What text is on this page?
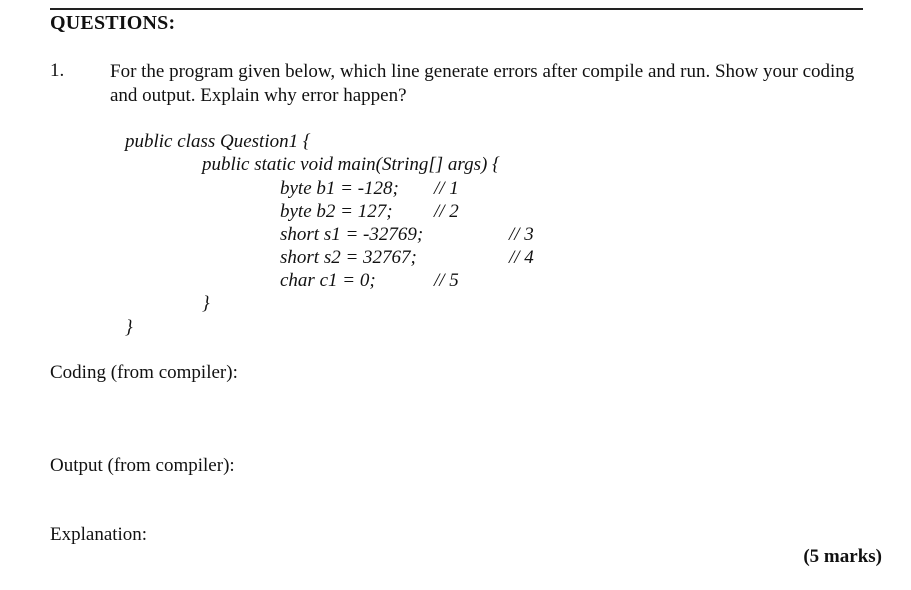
QUESTIONS:
1. For the program given below, which line generate errors after compile and run. Show your coding and output. Explain why error happen?
public class Question1 {
public static void main(String[] args) {
byte b1 = -128; // 1
byte b2 = 127; // 2
short s1 = -32769;	// 3
short s2 = 32767;	// 4
char c1 = 0;	// 5
}
}
Coding (from compiler):
Output (from compiler):
Explanation:
(5 marks)
